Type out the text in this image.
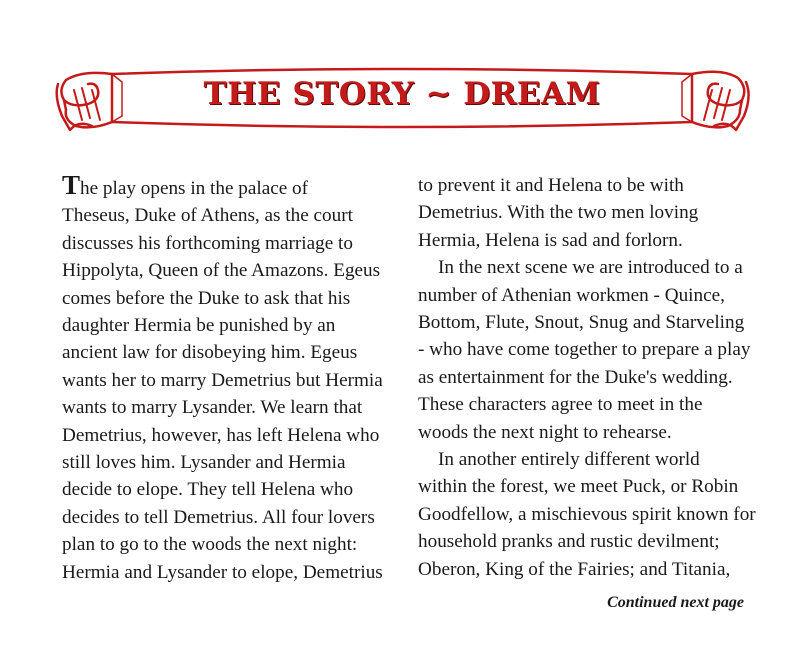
THE STORY ~ DREAM

The play opens in the palace of
Theseus, Duke of Athens, as the court
discusses his forthcoming marriage to
Hippolyta, Queen of the Amazons. Egeus
comes before the Duke to ask that his
daughter Hermia be punished by an
ancient law for disobeying him. Egeus
wants her to marry Demetrius but Hermia
wants to marry Lysander. We learn that
Demetrius, however, has left Helena who
still loves him. Lysander and Hermia
decide to elope. They tell Helena who
decides to tell Demetrius. All four lovers
plan to go to the woods the next night:
Hermia and Lysander to elope, Demetrius

to prevent it and Helena to be with
Demetrius. With the two men loving
Hermia, Helena is sad and forlorn.

In the next scene we are introduced to a
number of Athenian workmen - Quince,
Bottom, Flute, Snout, Snug and Starveling
- who have come together to prepare a play
as entertainment for the Duke's wedding.
These characters agree to meet in the
woods the next night to rehearse.

In another entirely different world
within the forest, we meet Puck, or Robin
Goodfellow, a mischievous spirit known for
household pranks and rustic devilment;
Oberon, King of the Fairies; and Titania,

Continued next page
